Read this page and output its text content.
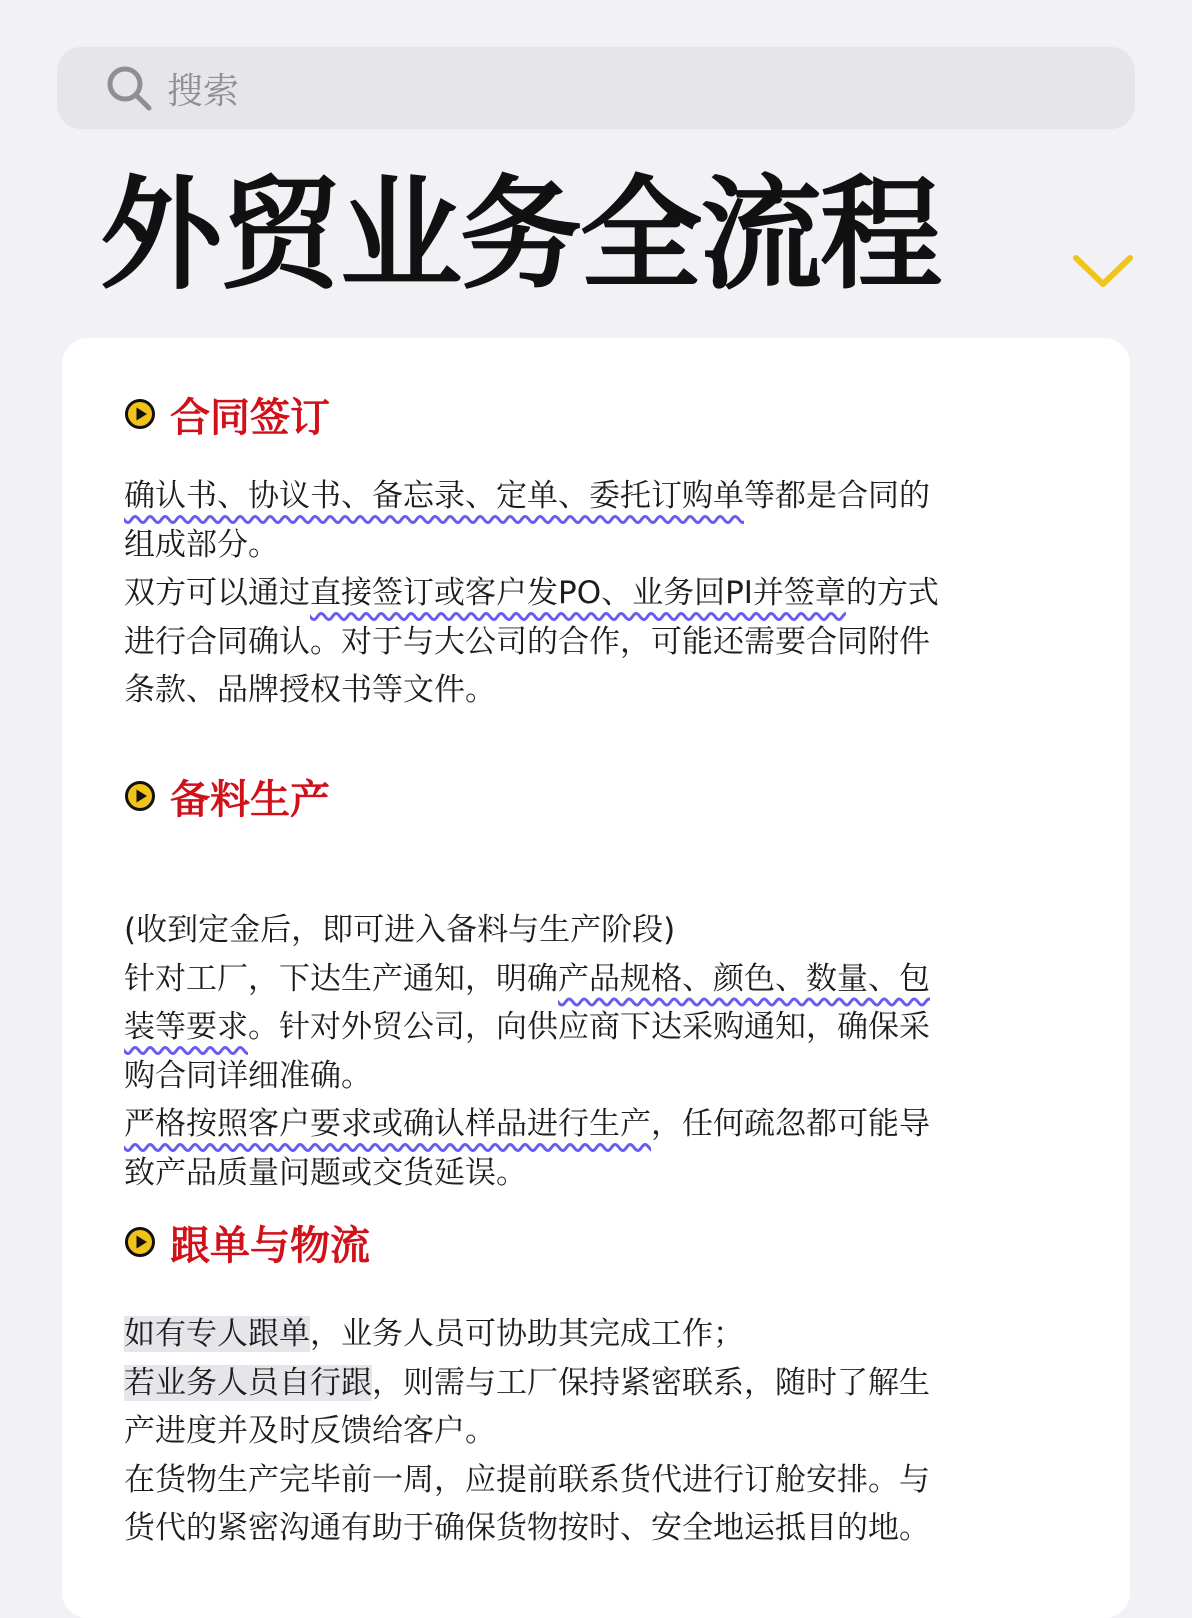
搜索
外贸业务全流程
合同签订
确认书、协议书、备忘录、定单、委托订购单等都是合同的
组成部分。
双方可以通过直接签订或客户发PO、业务回PI并签章的方式
进行合同确认。对于与大公司的合作，可能还需要合同附件
条款、品牌授权书等文件。
备料生产
(收到定金后，即可进入备料与生产阶段)
针对工厂，下达生产通知，明确产品规格、颜色、数量、包
装等要求。针对外贸公司，向供应商下达采购通知，确保采
购合同详细准确。
严格按照客户要求或确认样品进行生产，任何疏忽都可能导
致产品质量问题或交货延误。
跟单与物流
如有专人跟单，业务人员可协助其完成工作；
若业务人员自行跟，则需与工厂保持紧密联系，随时了解生
产进度并及时反馈给客户。
在货物生产完毕前一周，应提前联系货代进行订舱安排。与
货代的紧密沟通有助于确保货物按时、安全地运抵目的地。
